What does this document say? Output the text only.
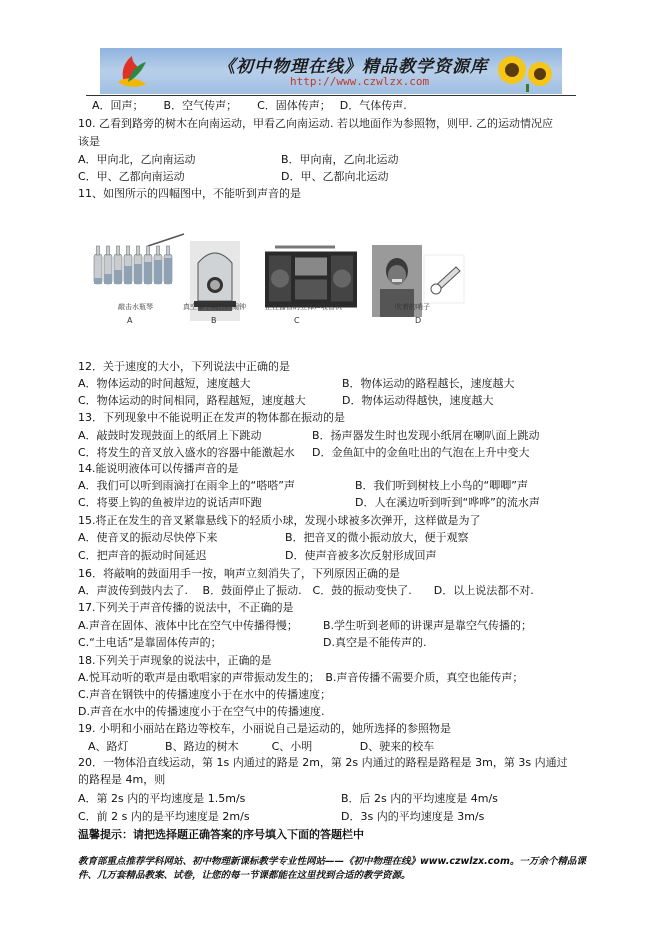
《初中物理在线》精品教学资源库
http://www.czwlzx.com
A．回声；　　 B．空气传声；　　 C．固体传声；　 D．气体传声.
10. 乙看到路旁的树木在向南运动，甲看乙向南运动. 若以地面作为参照物，则甲. 乙的运动情况应
该是
A．甲向北，乙向南运动	B．甲向南，乙向北运动
C．甲、乙都向南运动	D．甲、乙都向北运动
11、如图所示的四幅图中，不能听到声音的是
敲击水瓶琴
A
真空罩中响铃的闹钟
B
正在播音的立体声收音机
C
吹着的哨子
D
12．关于速度的大小，下列说法中正确的是
A．物体运动的时间越短，速度越大	B．物体运动的路程越长，速度越大
C．物体运动的时间相同，路程越短，速度越大	D．物体运动得越快，速度越大
13．下列现象中不能说明正在发声的物体都在振动的是
A．敲鼓时发现鼓面上的纸屑上下跳动	B．扬声器发生时也发现小纸屑在喇叭面上跳动
C．将发生的音叉放入盛水的容器中能激起水 D．金鱼缸中的金鱼吐出的气泡在上升中变大
14.能说明液体可以传播声音的是
A．我们可以听到雨滴打在雨伞上的“嗒嗒”声	B．我们听到树枝上小鸟的“唧唧”声
C．将要上钩的鱼被岸边的说话声吓跑	D．人在溪边听到听到“哗哗”的流水声
15.将正在发生的音叉紧靠悬线下的轻质小球，发现小球被多次弹开，这样做是为了
A．使音叉的振动尽快停下来	B．把音叉的微小振动放大，便于观察
C．把声音的振动时间延迟	D．使声音被多次反射形成回声
16．将敲响的鼓面用手一按，响声立刻消失了，下列原因正确的是
A．声波传到鼓内去了.　 B．鼓面停止了振动.　C．鼓的振动变快了.　　D．以上说法都不对.
17.下列关于声音传播的说法中，不正确的是
A.声音在固体、液体中比在空气中传播得慢； B.学生听到老师的讲课声是靠空气传播的；
C.“土电话”是靠固体传声的；	D.真空是不能传声的.
18.下列关于声现象的说法中，正确的是
A.悦耳动听的歌声是由歌唱家的声带振动发生的；　B.声音传播不需要介质，真空也能传声；
C.声音在钢铁中的传播速度小于在水中的传播速度；
D.声音在水中的传播速度小于在空气中的传播速度.
19. 小明和小丽站在路边等校车，小丽说自己是运动的，她所选择的参照物是
A、路灯　　　 B、路边的树木　　　C、小明　　　　 D、驶来的校车
20．一物体沿直线运动，第 1s 内通过的路是 2m，第 2s 内通过的路程是路程是 3m，第 3s 内通过
的路程是 4m，则
A．第 2s 内的平均速度是 1.5m/s	B．后 2s 内的平均速度是 4m/s
C．前 2 s 内的是平均速度是 2m/s	D．3s 内的平均速度是 3m/s
温馨提示：请把选择题正确答案的序号填入下面的答题栏中
教育部重点推荐学科网站、初中物理新课标教学专业性网站——《初中物理在线》www.czwlzx.com。一万余个精品课件、几万套精品教案、试卷，让您的每一节课都能在这里找到合适的教学资源。
